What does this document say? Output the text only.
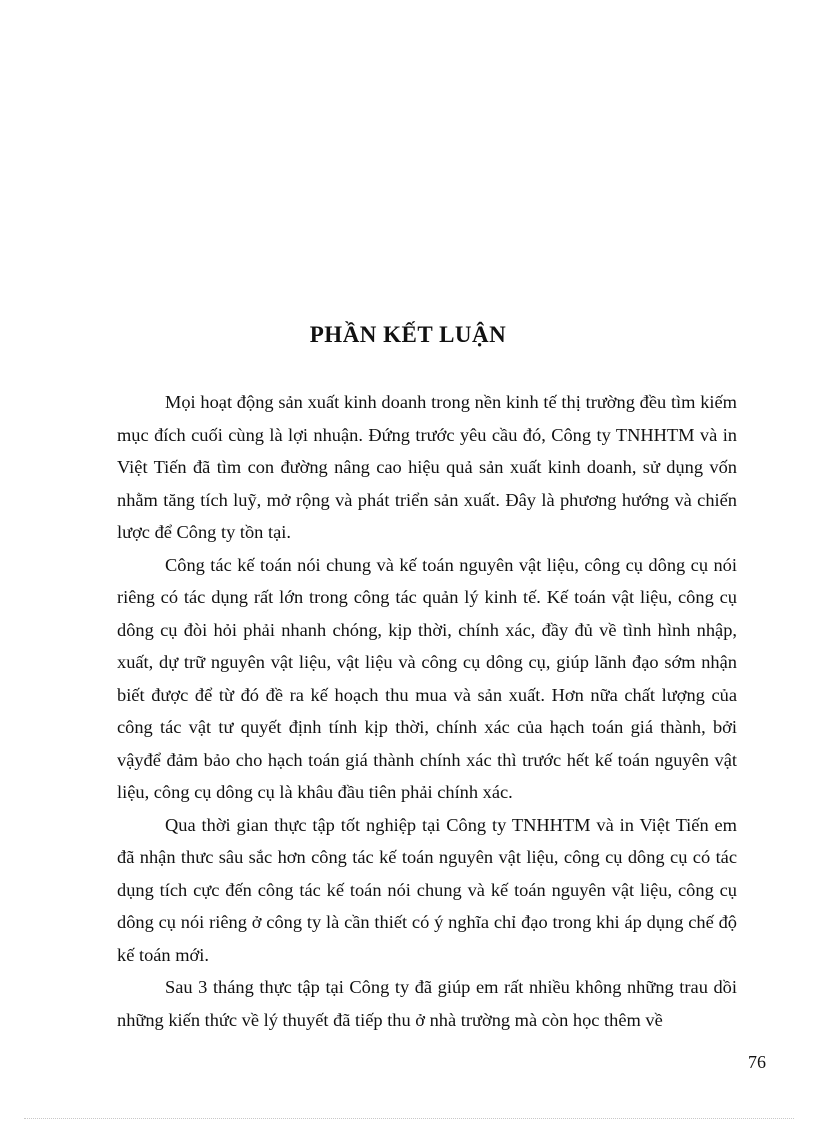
PHẦN KẾT LUẬN

Mọi hoạt động sản xuất kinh doanh trong nền kinh tế thị trường đều tìm kiếm mục đích cuối cùng là lợi nhuận. Đứng trước yêu cầu đó, Công ty TNHHTM và in Việt Tiến đã tìm con đường nâng cao hiệu quả sản xuất kinh doanh, sử dụng vốn nhằm tăng tích luỹ, mở rộng và phát triển sản xuất. Đây là phương hướng và chiến lược để Công ty tồn tại.

Công tác kế toán nói chung và kế toán nguyên vật liệu, công cụ dông cụ nói riêng có tác dụng rất lớn trong công tác quản lý kinh tế. Kế toán vật liệu, công cụ dông cụ đòi hỏi phải nhanh chóng, kịp thời, chính xác, đầy đủ về tình hình nhập, xuất, dự trữ nguyên vật liệu, vật liệu và công cụ dông cụ, giúp lãnh đạo sớm nhận biết được để từ đó đề ra kế hoạch thu mua và sản xuất. Hơn nữa chất lượng của công tác vật tư quyết định tính kịp thời, chính xác của hạch toán giá thành, bởi vậyđể đảm bảo cho hạch toán giá thành chính xác thì trước hết kế toán nguyên vật liệu, công cụ dông cụ là khâu đầu tiên phải chính xác.

Qua thời gian thực tập tốt nghiệp tại Công ty TNHHTM và in Việt Tiến em đã nhận thưc sâu sắc hơn công tác kế toán nguyên vật liệu, công cụ dông cụ có tác dụng tích cực đến công tác kế toán nói chung và kế toán nguyên vật liệu, công cụ dông cụ nói riêng ở công ty là cần thiết có ý nghĩa chỉ đạo trong khi áp dụng chế độ kế toán mới.

Sau 3 tháng thực tập tại Công ty đã giúp em rất nhiều không những trau dồi những kiến thức về lý thuyết đã tiếp thu ở nhà trường mà còn học thêm về

76
